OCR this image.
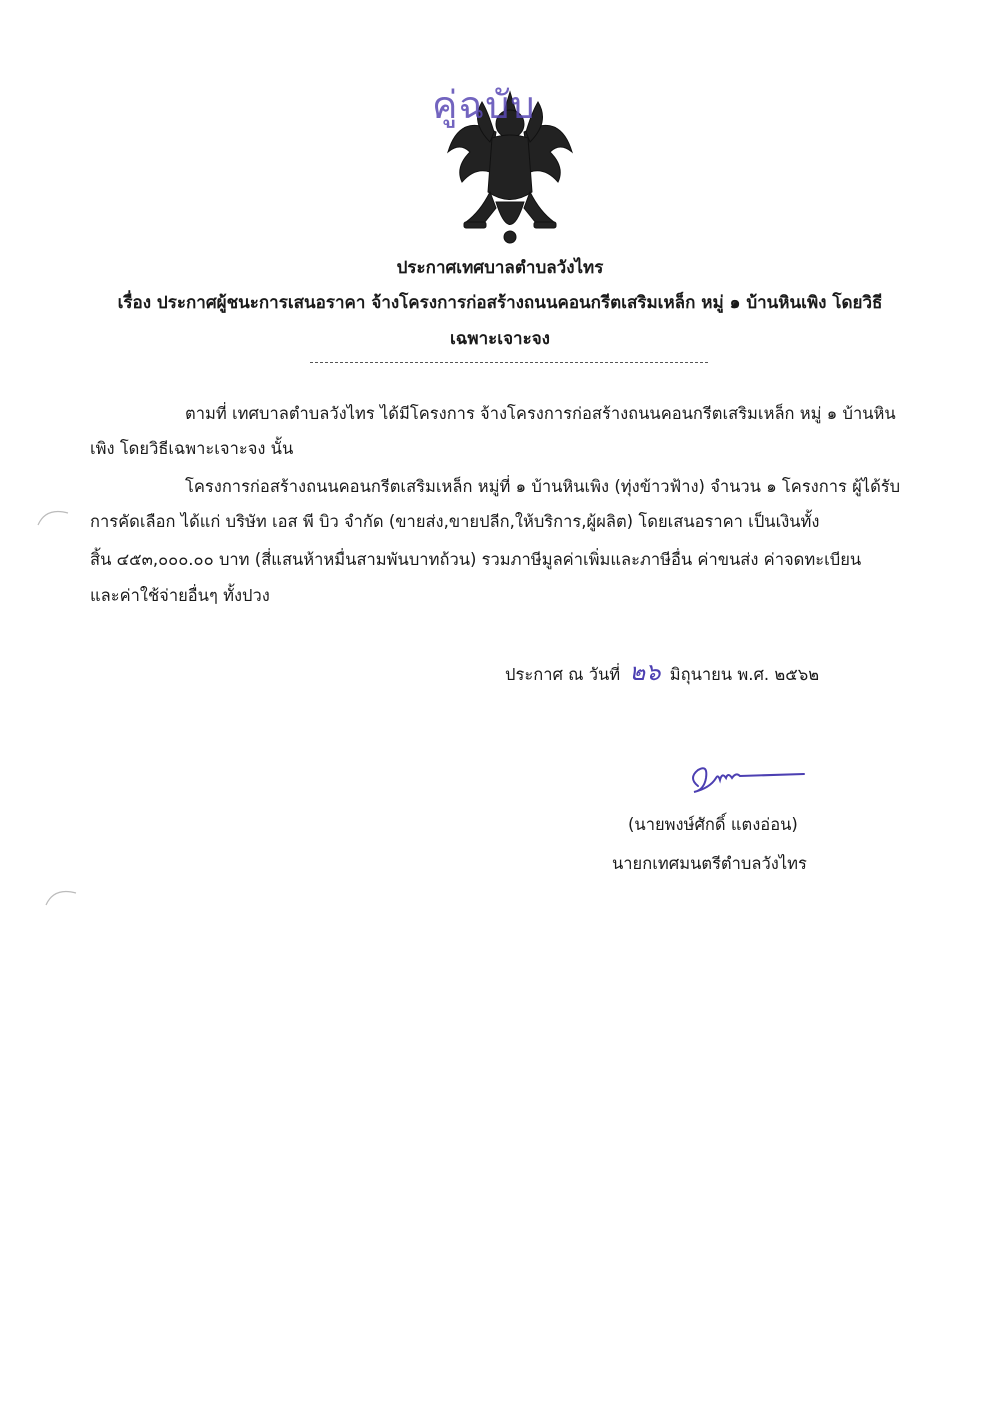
คู่ฉบับ
ประกาศเทศบาลตำบลวังไทร
เรื่อง ประกาศผู้ชนะการเสนอราคา จ้างโครงการก่อสร้างถนนคอนกรีตเสริมเหล็ก หมู่ ๑ บ้านหินเพิง โดยวิธี
เฉพาะเจาะจง
ตามที่ เทศบาลตำบลวังไทร ได้มีโครงการ จ้างโครงการก่อสร้างถนนคอนกรีตเสริมเหล็ก หมู่ ๑ บ้านหิน
เพิง โดยวิธีเฉพาะเจาะจง นั้น
โครงการก่อสร้างถนนคอนกรีตเสริมเหล็ก หมู่ที่ ๑ บ้านหินเพิง (ทุ่งข้าวฟ้าง) จำนวน ๑ โครงการ ผู้ได้รับ
การคัดเลือก ได้แก่ บริษัท เอส พี บิว จำกัด (ขายส่ง,ขายปลีก,ให้บริการ,ผู้ผลิต) โดยเสนอราคา เป็นเงินทั้ง
สิ้น ๔๕๓,๐๐๐.๐๐ บาท (สี่แสนห้าหมื่นสามพันบาทถ้วน) รวมภาษีมูลค่าเพิ่มและภาษีอื่น ค่าขนส่ง ค่าจดทะเบียน
และค่าใช้จ่ายอื่นๆ ทั้งปวง
ประกาศ ณ วันที่ ๒๖ มิถุนายน พ.ศ. ๒๕๖๒
(นายพงษ์ศักดิ์ แตงอ่อน)
นายกเทศมนตรีตำบลวังไทร
